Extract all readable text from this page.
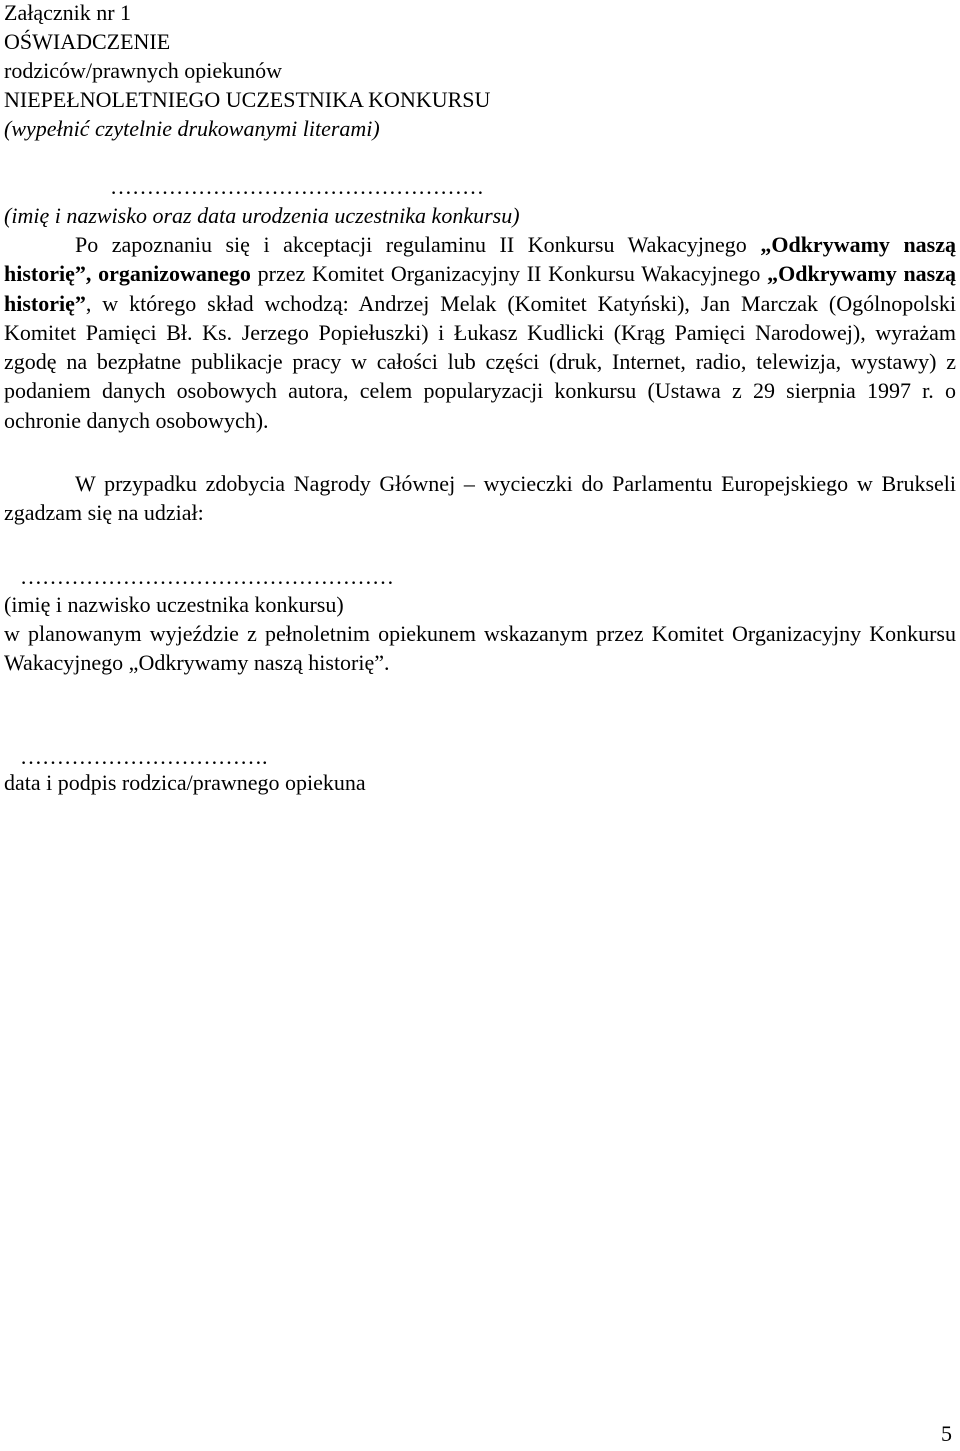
Załącznik nr 1
OŚWIADCZENIE
rodziców/prawnych opiekunów
NIEPEŁNOLETNIEGO UCZESTNIKA KONKURSU
(wypełnić czytelnie drukowanymi literami)
……………………………………………
(imię i nazwisko oraz data urodzenia uczestnika konkursu)
Po zapoznaniu się i akceptacji regulaminu II Konkursu Wakacyjnego „Odkrywamy naszą historię”, organizowanego przez Komitet Organizacyjny II Konkursu Wakacyjnego „Odkrywamy naszą historię”, w którego skład wchodzą: Andrzej Melak (Komitet Katyński), Jan Marczak (Ogólnopolski Komitet Pamięci Bł. Ks. Jerzego Popiełuszki) i Łukasz Kudlicki (Krąg Pamięci Narodowej), wyrażam zgodę na bezpłatne publikacje pracy w całości lub części (druk, Internet, radio, telewizja, wystawy) z podaniem danych osobowych autora, celem popularyzacji konkursu (Ustawa z 29 sierpnia 1997 r. o ochronie danych osobowych).
W przypadku zdobycia Nagrody Głównej – wycieczki do Parlamentu Europejskiego w Brukseli zgadzam się na udział:
……………………………………………
(imię i nazwisko uczestnika konkursu)
w planowanym wyjeździe z pełnoletnim opiekunem wskazanym przez Komitet Organizacyjny Konkursu Wakacyjnego „Odkrywamy naszą historię”.
…………………………….
data i podpis rodzica/prawnego opiekuna
5
